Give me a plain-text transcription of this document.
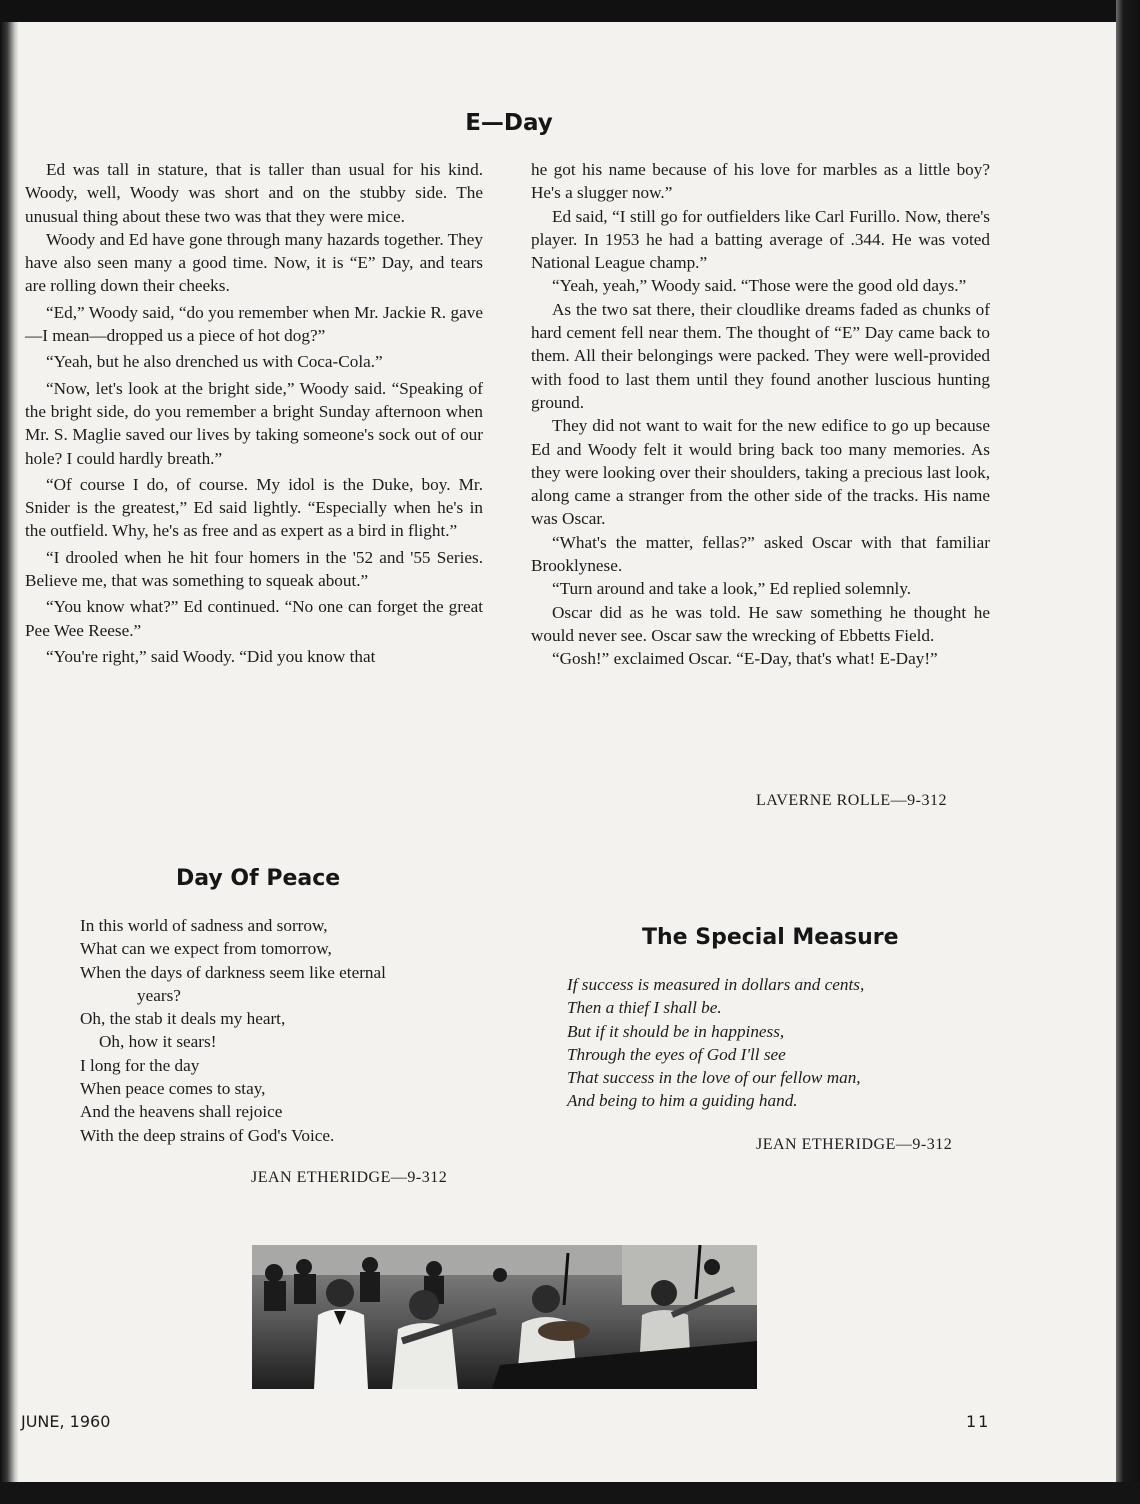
E—Day

Ed was tall in stature, that is taller than usual for his kind. Woody, well, Woody was short and on the stubby side. The unusual thing about these two was that they were mice.

Woody and Ed have gone through many hazards together. They have also seen many a good time. Now, it is “E” Day, and tears are rolling down their cheeks.

“Ed,” Woody said, “do you remember when Mr. Jackie R. gave—I mean—dropped us a piece of hot dog?”

“Yeah, but he also drenched us with Coca-Cola.”

“Now, let's look at the bright side,” Woody said. “Speaking of the bright side, do you remember a bright Sunday afternoon when Mr. S. Maglie saved our lives by taking someone's sock out of our hole? I could hardly breath.”

“Of course I do, of course. My idol is the Duke, boy. Mr. Snider is the greatest,” Ed said lightly. “Especially when he's in the outfield. Why, he's as free and as expert as a bird in flight.”

“I drooled when he hit four homers in the '52 and '55 Series. Believe me, that was something to squeak about.”

“You know what?” Ed continued. “No one can forget the great Pee Wee Reese.”

“You're right,” said Woody. “Did you know that

he got his name because of his love for marbles as a little boy? He's a slugger now.”

Ed said, “I still go for outfielders like Carl Furillo. Now, there's player. In 1953 he had a batting average of .344. He was voted National League champ.”

“Yeah, yeah,” Woody said. “Those were the good old days.”

As the two sat there, their cloudlike dreams faded as chunks of hard cement fell near them. The thought of “E” Day came back to them. All their belongings were packed. They were well-provided with food to last them until they found another luscious hunting ground.

They did not want to wait for the new edifice to go up because Ed and Woody felt it would bring back too many memories. As they were looking over their shoulders, taking a precious last look, along came a stranger from the other side of the tracks. His name was Oscar.

“What's the matter, fellas?” asked Oscar with that familiar Brooklynese.

“Turn around and take a look,” Ed replied solemnly.

Oscar did as he was told. He saw something he thought he would never see. Oscar saw the wrecking of Ebbetts Field.

“Gosh!” exclaimed Oscar. “E-Day, that's what! E-Day!”

LAVERNE ROLLE—9-312

Day Of Peace
In this world of sadness and sorrow,
What can we expect from tomorrow,
When the days of darkness seem like eternal
years?
Oh, the stab it deals my heart,
Oh, how it sears!
I long for the day
When peace comes to stay,
And the heavens shall rejoice
With the deep strains of God's Voice.

JEAN ETHERIDGE—9-312

The Special Measure
If success is measured in dollars and cents,
Then a thief I shall be.
But if it should be in happiness,
Through the eyes of God I'll see
That success in the love of our fellow man,
And being to him a guiding hand.

JEAN ETHERIDGE—9-312

JUNE, 1960	11
